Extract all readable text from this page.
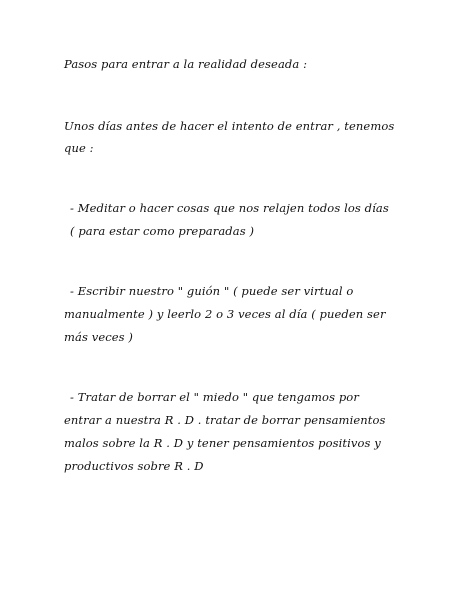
Pasos para entrar a la realidad deseada :

Unos días antes de hacer el intento de entrar , tenemos

que :

- Meditar o hacer cosas que nos relajen todos los días

( para estar como preparadas )

- Escribir nuestro " guión " ( puede ser virtual o

manualmente ) y leerlo 2 o 3 veces al día ( pueden ser

más veces )

- Tratar de borrar el " miedo " que tengamos por

entrar a nuestra R . D . tratar de borrar pensamientos

malos sobre la R . D y tener pensamientos positivos y

productivos sobre R . D
